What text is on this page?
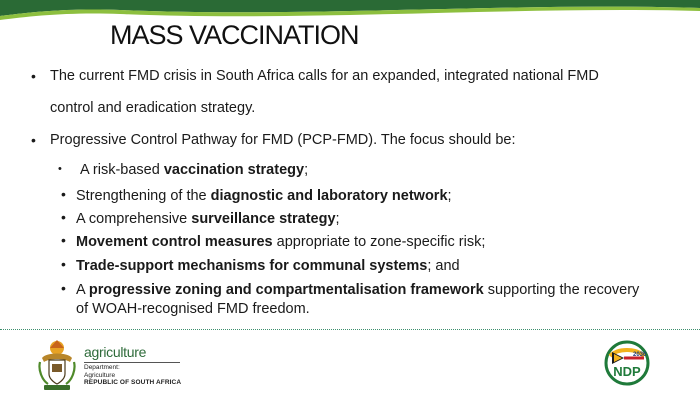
MASS VACCINATION
• The current FMD crisis in South Africa calls for an expanded, integrated national FMD
control and eradication strategy.
• Progressive Control Pathway for FMD (PCP-FMD). The focus should be:
• A risk-based vaccination strategy;
• Strengthening of the diagnostic and laboratory network;
• A comprehensive surveillance strategy;
• Movement control measures appropriate to zone-specific risk;
• Trade-support mechanisms for communal systems; and
• A progressive zoning and compartmentalisation framework supporting the recovery
of WOAH-recognised FMD freedom.
agriculture
Department:
Agriculture
REPUBLIC OF SOUTH AFRICA
2030
NDP
